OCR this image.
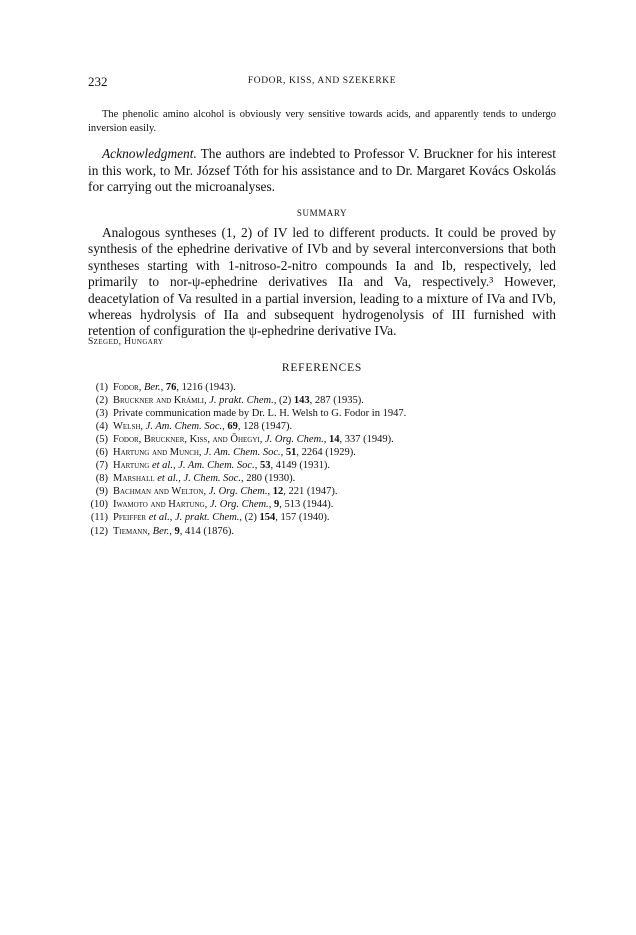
232	FODOR, KISS, AND SZEKERKE

The phenolic amino alcohol is obviously very sensitive towards acids, and apparently tends to undergo inversion easily.

Acknowledgment. The authors are indebted to Professor V. Bruckner for his interest in this work, to Mr. József Tóth for his assistance and to Dr. Margaret Kovács Oskolás for carrying out the microanalyses.

SUMMARY

Analogous syntheses (1, 2) of IV led to different products. It could be proved by synthesis of the ephedrine derivative of IVb and by several interconversions that both syntheses starting with 1-nitroso-2-nitro compounds Ia and Ib, respectively, led primarily to nor-ψ-ephedrine derivatives IIa and Va, respectively.³ However, deacetylation of Va resulted in a partial inversion, leading to a mixture of IVa and IVb, whereas hydrolysis of IIa and subsequent hydrogenolysis of III furnished with retention of configuration the ψ-ephedrine derivative IVa.

Szeged, Hungary
REFERENCES
(1) Fodor, Ber., 76, 1216 (1943).
(2) Bruckner and Krámli, J. prakt. Chem., (2) 143, 287 (1935).
(3) Private communication made by Dr. L. H. Welsh to G. Fodor in 1947.
(4) Welsh, J. Am. Chem. Soc., 69, 128 (1947).
(5) Fodor, Bruckner, Kiss, and Ōhegyi, J. Org. Chem., 14, 337 (1949).
(6) Hartung and Munch, J. Am. Chem. Soc., 51, 2264 (1929).
(7) Hartung et al., J. Am. Chem. Soc., 53, 4149 (1931).
(8) Marshall et al., J. Chem. Soc., 280 (1930).
(9) Bachman and Welton, J. Org. Chem., 12, 221 (1947).
(10) Iwamoto and Hartung, J. Org. Chem., 9, 513 (1944).
(11) Pfeiffer et al., J. prakt. Chem., (2) 154, 157 (1940).
(12) Tiemann, Ber., 9, 414 (1876).
